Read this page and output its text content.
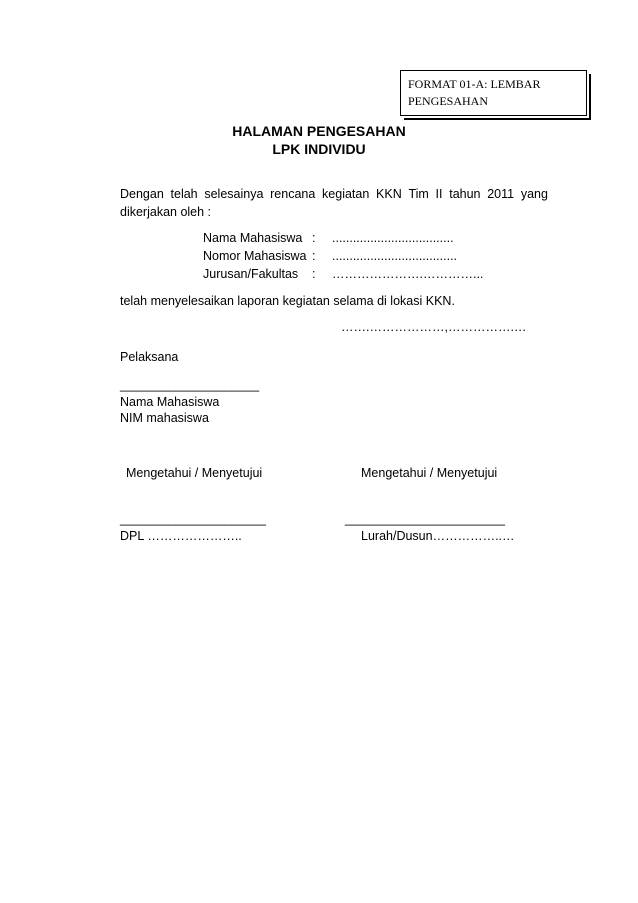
FORMAT 01-A: LEMBAR
PENGESAHAN
HALAMAN PENGESAHAN
LPK INDIVIDU
Dengan telah selesainya rencana kegiatan KKN Tim II tahun 2011 yang
dikerjakan oleh :
Nama Mahasiswa : ...................................
Nomor Mahasiswa : ....................................
Jurusan/Fakultas : ………………….…………...
telah menyelesaikan laporan kegiatan selama di lokasi KKN.
…….………………,…………….…
Pelaksana
____________________
Nama Mahasiswa
NIM mahasiswa
Mengetahui / Menyetujui	Mengetahui / Menyetujui
_____________________	_______________________
DPL …………………..	Lurah/Dusun……………..…
